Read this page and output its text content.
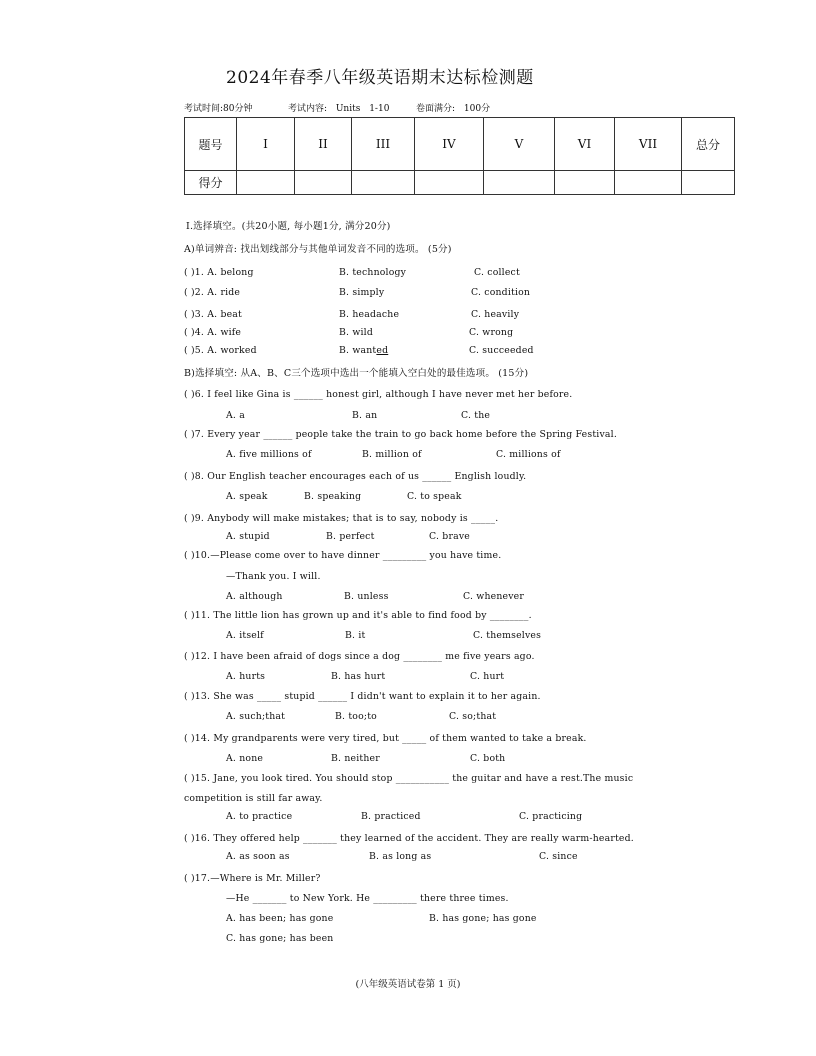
2024年春季八年级英语期末达标检测题
考试时间:80分钟	考试内容: Units 1-10	卷面满分: 100分
题号	I	II	III	IV	V	VI	VII	总分
得分								
Ⅰ.选择填空。(共20小题, 每小题1分, 满分20分)
A)单词辨音: 找出划线部分与其他单词发音不同的选项。 (5分)
( )1. A. belong	B. technology	C. collect
( )2. A. ride	B. simply	C. condition
( )3. A. beat	B. headache	C. heavily
( )4. A. wife	B. wild	C. wrong
( )5. A. worked	B. wanted	C. succeeded
B)选择填空: 从A、B、C三个选项中选出一个能填入空白处的最佳选项。 (15分)
( )6. I feel like Gina is ______ honest girl, although I have never met her before.
A. a	B. an	C. the
( )7. Every year ______ people take the train to go back home before the Spring Festival.
A. five millions of	B. million of	C. millions of
( )8. Our English teacher encourages each of us ______ English loudly.
A. speak	B. speaking	C. to speak
( )9. Anybody will make mistakes; that is to say, nobody is _____.
A. stupid	B. perfect	C. brave
( )10.—Please come over to have dinner _________ you have time.
—Thank you. I will.
A. although	B. unless	C. whenever
( )11. The little lion has grown up and it's able to find food by ________.
A. itself	B. it	C. themselves
( )12. I have been afraid of dogs since a dog ________ me five years ago.
A. hurts	B. has hurt	C. hurt
( )13. She was _____ stupid ______ I didn't want to explain it to her again.
A. such;that	B. too;to	C. so;that
( )14. My grandparents were very tired, but _____ of them wanted to take a break.
A. none	B. neither	C. both
( )15. Jane, you look tired. You should stop ___________ the guitar and have a rest.The music
competition is still far away.
A. to practice	B. practiced	C. practicing
( )16. They offered help _______ they learned of the accident. They are really warm-hearted.
A. as soon as	B. as long as	C. since
( )17.—Where is Mr. Miller?
—He _______ to New York. He _________ there three times.
A. has been; has gone	B. has gone; has gone
C. has gone; has been
(八年级英语试卷第 1 页)
